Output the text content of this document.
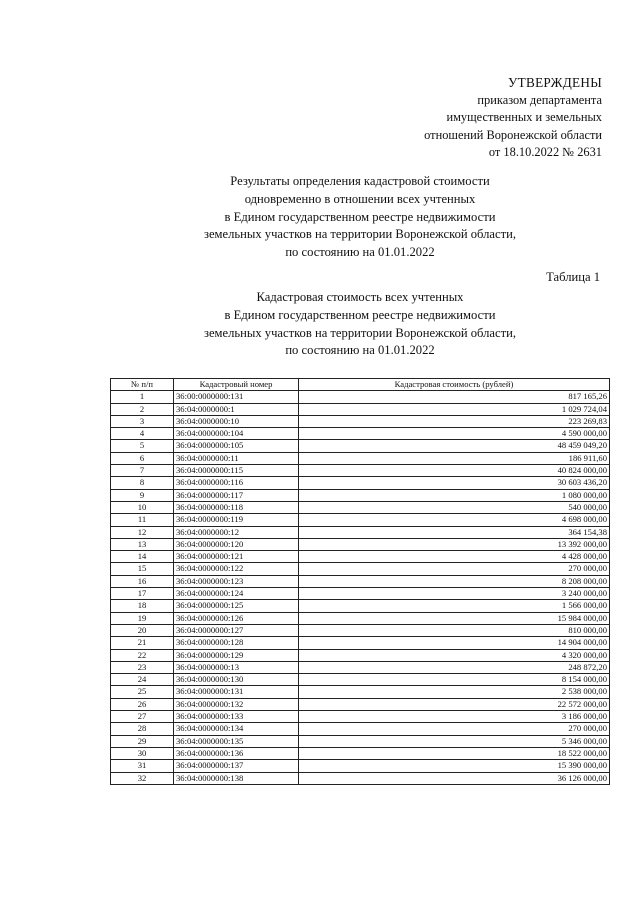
УТВЕРЖДЕНЫ
приказом департамента
имущественных и земельных
отношений Воронежской области
от 18.10.2022 № 2631
Результаты определения кадастровой стоимости
одновременно в отношении всех учтенных
в Едином государственном реестре недвижимости
земельных участков на территории Воронежской области,
по состоянию на 01.01.2022
Таблица 1
Кадастровая стоимость всех учтенных
в Едином государственном реестре недвижимости
земельных участков на территории Воронежской области,
по состоянию на 01.01.2022
№ п/п	Кадастровый номер	Кадастровая стоимость (рублей)
1	36:00:0000000:131	817 165,26
2	36:04:0000000:1	1 029 724,04
3	36:04:0000000:10	223 269,83
4	36:04:0000000:104	4 590 000,00
5	36:04:0000000:105	48 459 049,20
6	36:04:0000000:11	186 911,60
7	36:04:0000000:115	40 824 000,00
8	36:04:0000000:116	30 603 436,20
9	36:04:0000000:117	1 080 000,00
10	36:04:0000000:118	540 000,00
11	36:04:0000000:119	4 698 000,00
12	36:04:0000000:12	364 154,38
13	36:04:0000000:120	13 392 000,00
14	36:04:0000000:121	4 428 000,00
15	36:04:0000000:122	270 000,00
16	36:04:0000000:123	8 208 000,00
17	36:04:0000000:124	3 240 000,00
18	36:04:0000000:125	1 566 000,00
19	36:04:0000000:126	15 984 000,00
20	36:04:0000000:127	810 000,00
21	36:04:0000000:128	14 904 000,00
22	36:04:0000000:129	4 320 000,00
23	36:04:0000000:13	248 872,20
24	36:04:0000000:130	8 154 000,00
25	36:04:0000000:131	2 538 000,00
26	36:04:0000000:132	22 572 000,00
27	36:04:0000000:133	3 186 000,00
28	36:04:0000000:134	270 000,00
29	36:04:0000000:135	5 346 000,00
30	36:04:0000000:136	18 522 000,00
31	36:04:0000000:137	15 390 000,00
32	36:04:0000000:138	36 126 000,00
